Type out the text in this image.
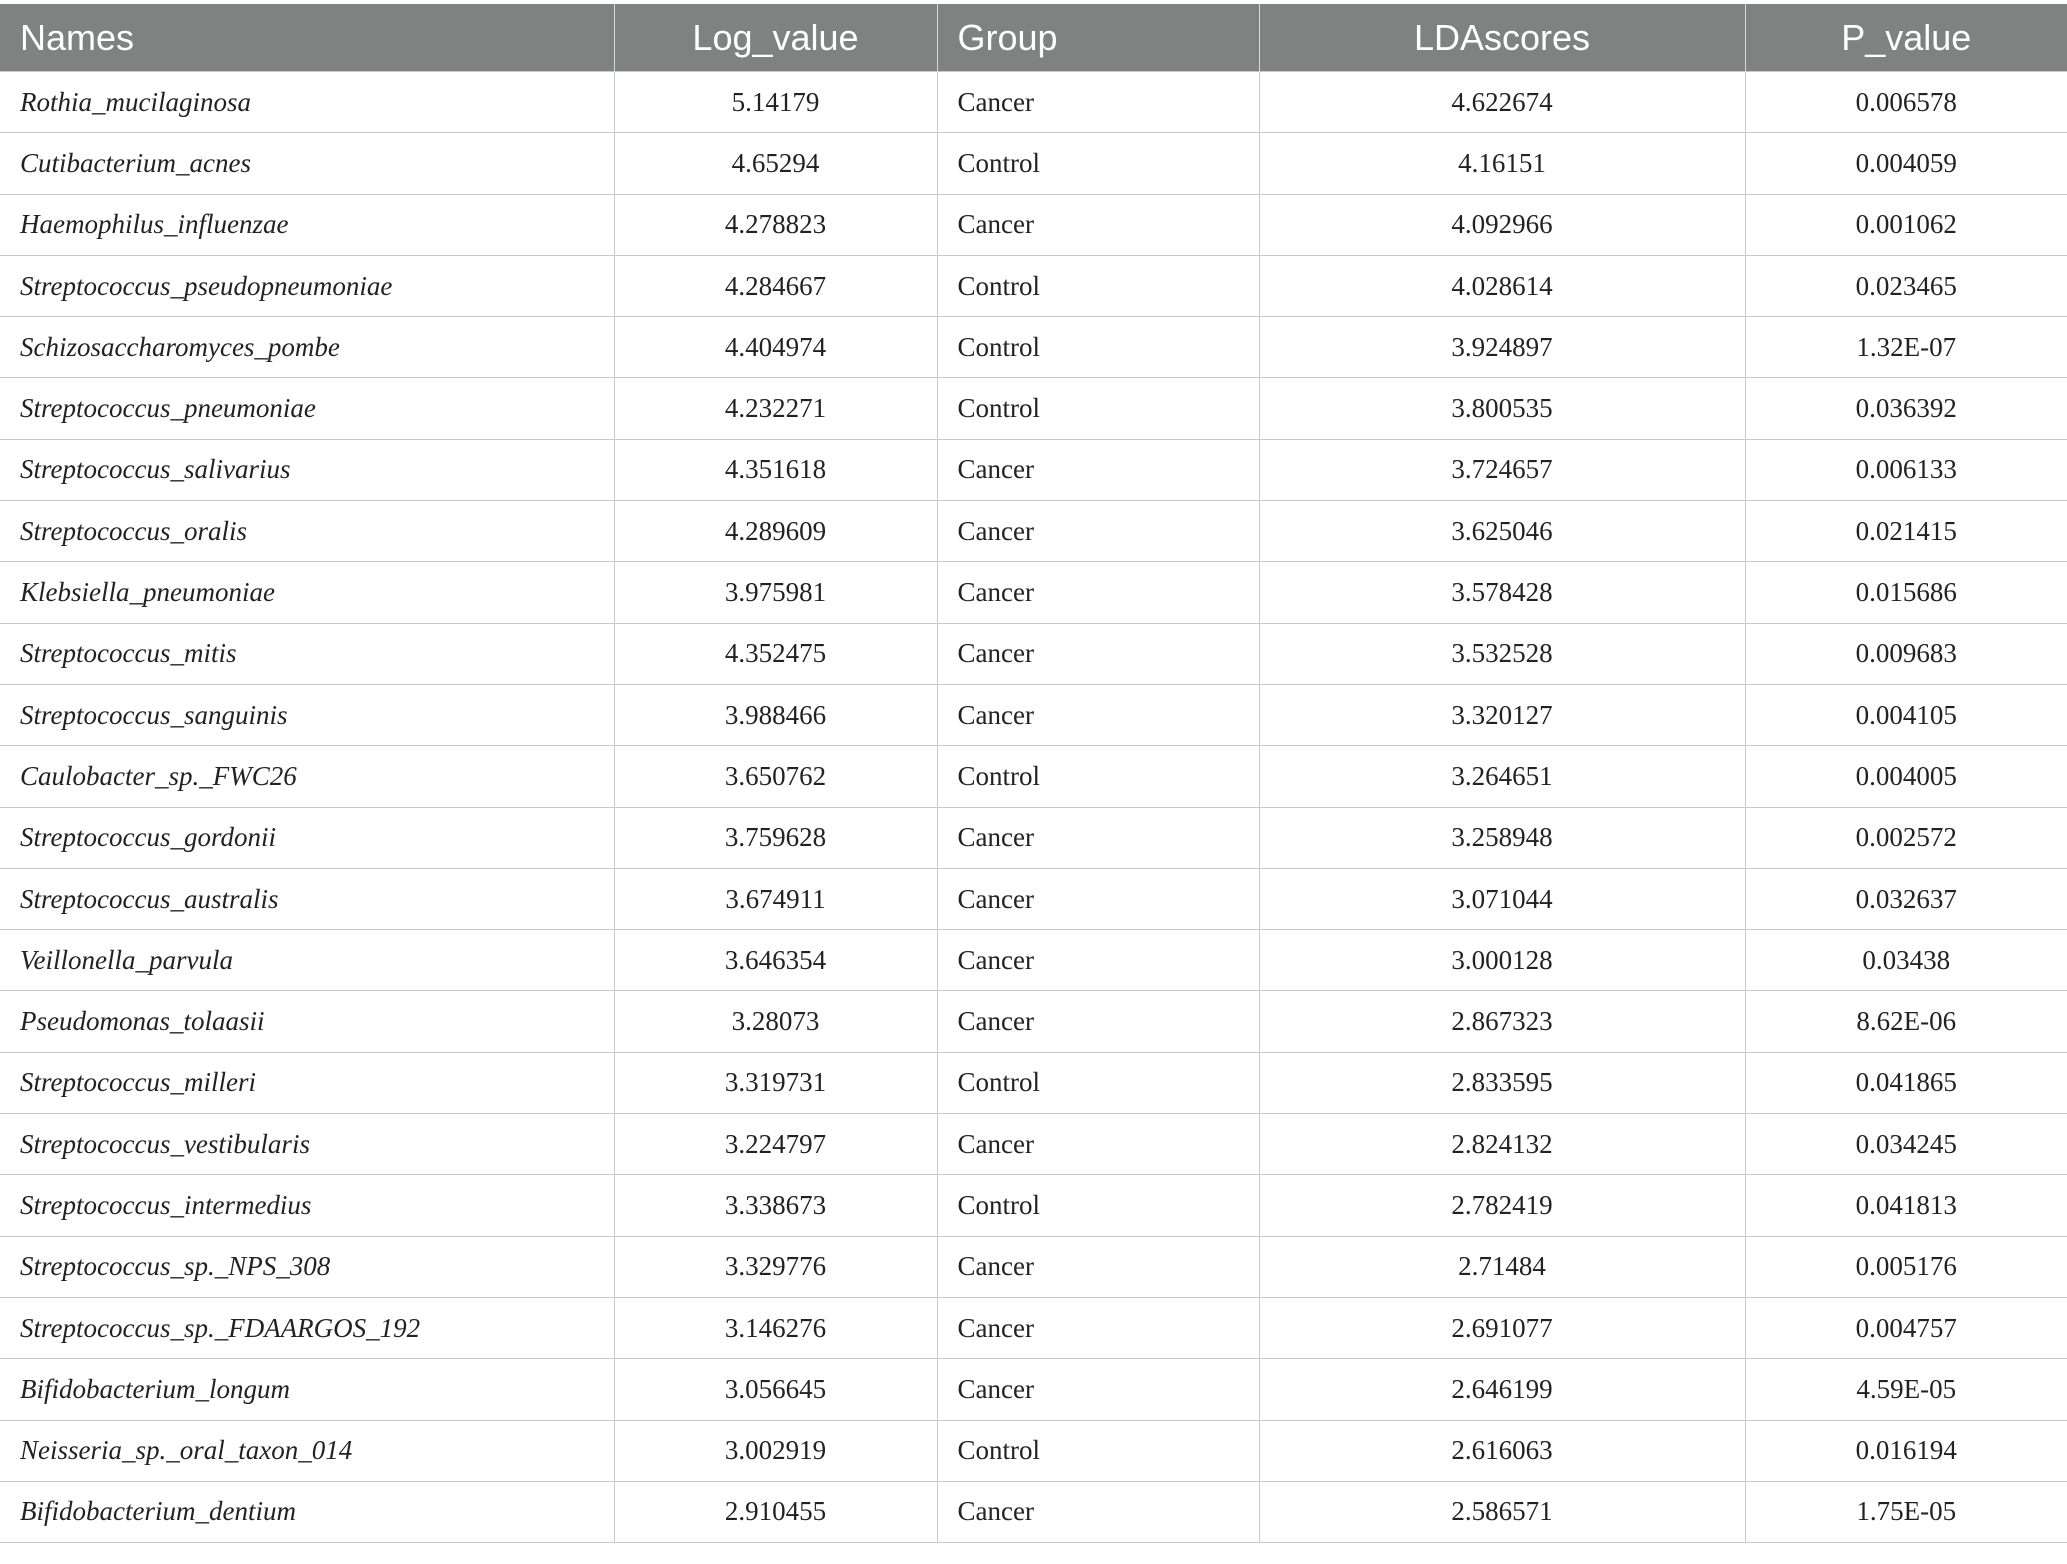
Names	Log_value	Group	LDAscores	P_value
Rothia_mucilaginosa	5.14179	Cancer	4.622674	0.006578
Cutibacterium_acnes	4.65294	Control	4.16151	0.004059
Haemophilus_influenzae	4.278823	Cancer	4.092966	0.001062
Streptococcus_pseudopneumoniae	4.284667	Control	4.028614	0.023465
Schizosaccharomyces_pombe	4.404974	Control	3.924897	1.32E-07
Streptococcus_pneumoniae	4.232271	Control	3.800535	0.036392
Streptococcus_salivarius	4.351618	Cancer	3.724657	0.006133
Streptococcus_oralis	4.289609	Cancer	3.625046	0.021415
Klebsiella_pneumoniae	3.975981	Cancer	3.578428	0.015686
Streptococcus_mitis	4.352475	Cancer	3.532528	0.009683
Streptococcus_sanguinis	3.988466	Cancer	3.320127	0.004105
Caulobacter_sp._FWC26	3.650762	Control	3.264651	0.004005
Streptococcus_gordonii	3.759628	Cancer	3.258948	0.002572
Streptococcus_australis	3.674911	Cancer	3.071044	0.032637
Veillonella_parvula	3.646354	Cancer	3.000128	0.03438
Pseudomonas_tolaasii	3.28073	Cancer	2.867323	8.62E-06
Streptococcus_milleri	3.319731	Control	2.833595	0.041865
Streptococcus_vestibularis	3.224797	Cancer	2.824132	0.034245
Streptococcus_intermedius	3.338673	Control	2.782419	0.041813
Streptococcus_sp._NPS_308	3.329776	Cancer	2.71484	0.005176
Streptococcus_sp._FDAARGOS_192	3.146276	Cancer	2.691077	0.004757
Bifidobacterium_longum	3.056645	Cancer	2.646199	4.59E-05
Neisseria_sp._oral_taxon_014	3.002919	Control	2.616063	0.016194
Bifidobacterium_dentium	2.910455	Cancer	2.586571	1.75E-05
